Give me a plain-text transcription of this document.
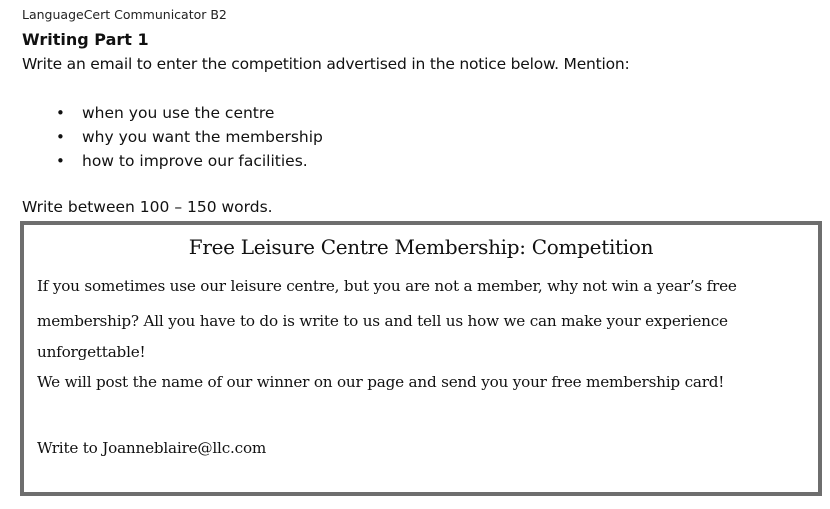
LanguageCert Communicator B2
Writing Part 1
Write an email to enter the competition advertised in the notice below. Mention:
• when you use the centre
• why you want the membership
• how to improve our facilities.
Write between 100 – 150 words.
Free Leisure Centre Membership: Competition
If you sometimes use our leisure centre, but you are not a member, why not win a year’s free
membership? All you have to do is write to us and tell us how we can make your experience
unforgettable!
We will post the name of our winner on our page and send you your free membership card!
Write to Joanneblaire@llc.com
